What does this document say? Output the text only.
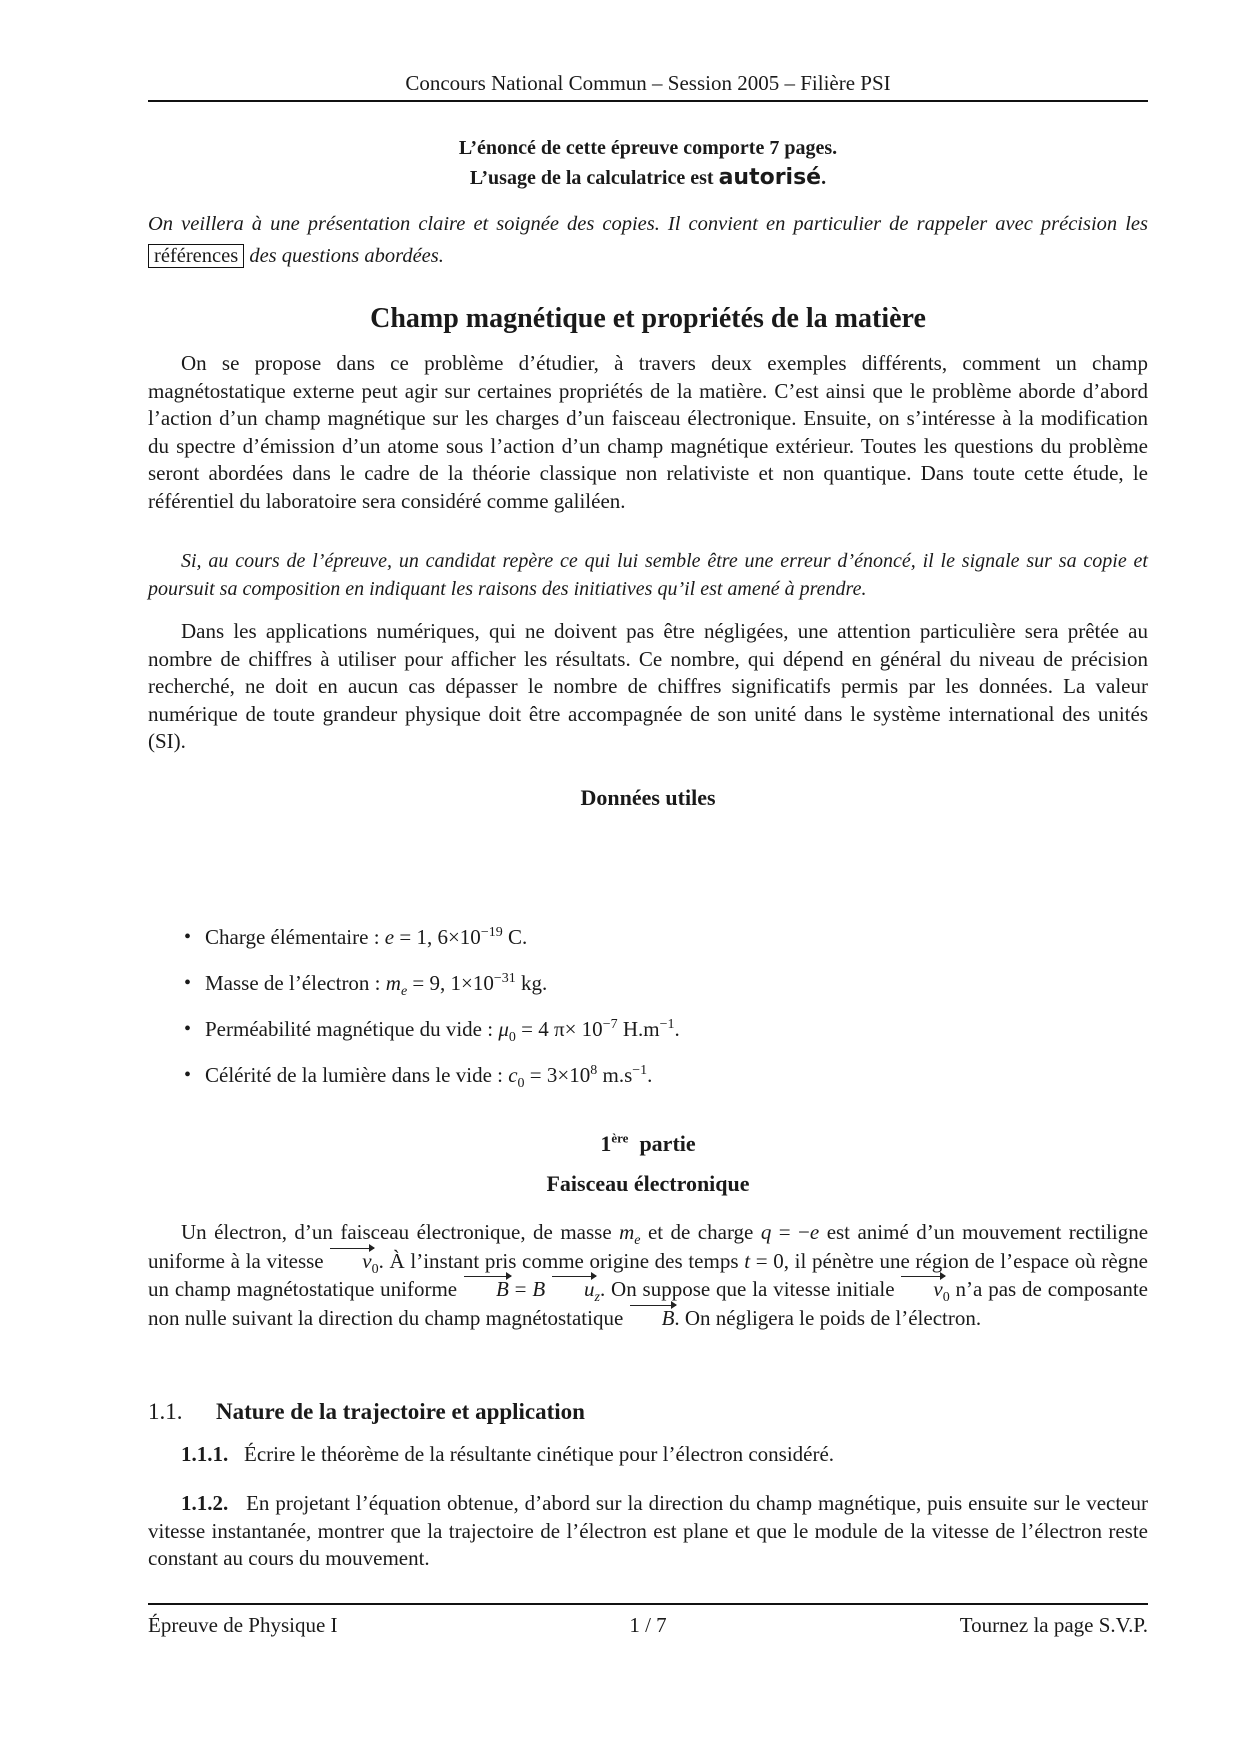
Concours National Commun – Session 2005 – Filière PSI
L’énoncé de cette épreuve comporte 7 pages.
L’usage de la calculatrice est autorisé.
On veillera à une présentation claire et soignée des copies. Il convient en particulier de rappeler avec précision les références des questions abordées.
Champ magnétique et propriétés de la matière
On se propose dans ce problème d’étudier, à travers deux exemples différents, comment un champ magnétostatique externe peut agir sur certaines propriétés de la matière. C’est ainsi que le problème aborde d’abord l’action d’un champ magnétique sur les charges d’un faisceau électronique. Ensuite, on s’intéresse à la modification du spectre d’émission d’un atome sous l’action d’un champ magnétique extérieur. Toutes les questions du problème seront abordées dans le cadre de la théorie classique non relativiste et non quantique. Dans toute cette étude, le référentiel du laboratoire sera considéré comme galiléen.
Si, au cours de l’épreuve, un candidat repère ce qui lui semble être une erreur d’énoncé, il le signale sur sa copie et poursuit sa composition en indiquant les raisons des initiatives qu’il est amené à prendre.
Dans les applications numériques, qui ne doivent pas être négligées, une attention particulière sera prêtée au nombre de chiffres à utiliser pour afficher les résultats. Ce nombre, qui dépend en général du niveau de précision recherché, ne doit en aucun cas dépasser le nombre de chiffres significatifs permis par les données. La valeur numérique de toute grandeur physique doit être accompagnée de son unité dans le système international des unités (SI).
Données utiles
• Charge élémentaire : e = 1, $6\times 10^{-19}$ C.
• Masse de l’électron : $m_e = 9$, $1\times 10^{-31}$ kg.
• Perméabilité magnétique du vide : $\mu_0 = 4$ $\pi\times 10^{-7}$ $H.m^{-1}$.
• Célérité de la lumière dans le vide : $c_0 = 3\times 10^8$ $m.s^{-1}$.
1ère partie
Faisceau électronique
Un électron, d’un faisceau électronique, de masse $m_e$ et de charge q = −e est animé d’un mouvement rectiligne uniforme à la vitesse $v_0$. À l’instant pris comme origine des temps t = 0, il pénètre une région de l’espace où règne un champ magnétostatique uniforme B = B $u_z$. On suppose que la vitesse initiale $v_0$ n’a pas de composante non nulle suivant la direction du champ magnétostatique B. On négligera le poids de l’électron.
1.1. Nature de la trajectoire et application
1.1.1. Écrire le théorème de la résultante cinétique pour l’électron considéré.
1.1.2. En projetant l’équation obtenue, d’abord sur la direction du champ magnétique, puis ensuite sur le vecteur vitesse instantanée, montrer que la trajectoire de l’électron est plane et que le module de la vitesse de l’électron reste constant au cours du mouvement.
Épreuve de Physique I	1 / 7	Tournez la page S.V.P.
